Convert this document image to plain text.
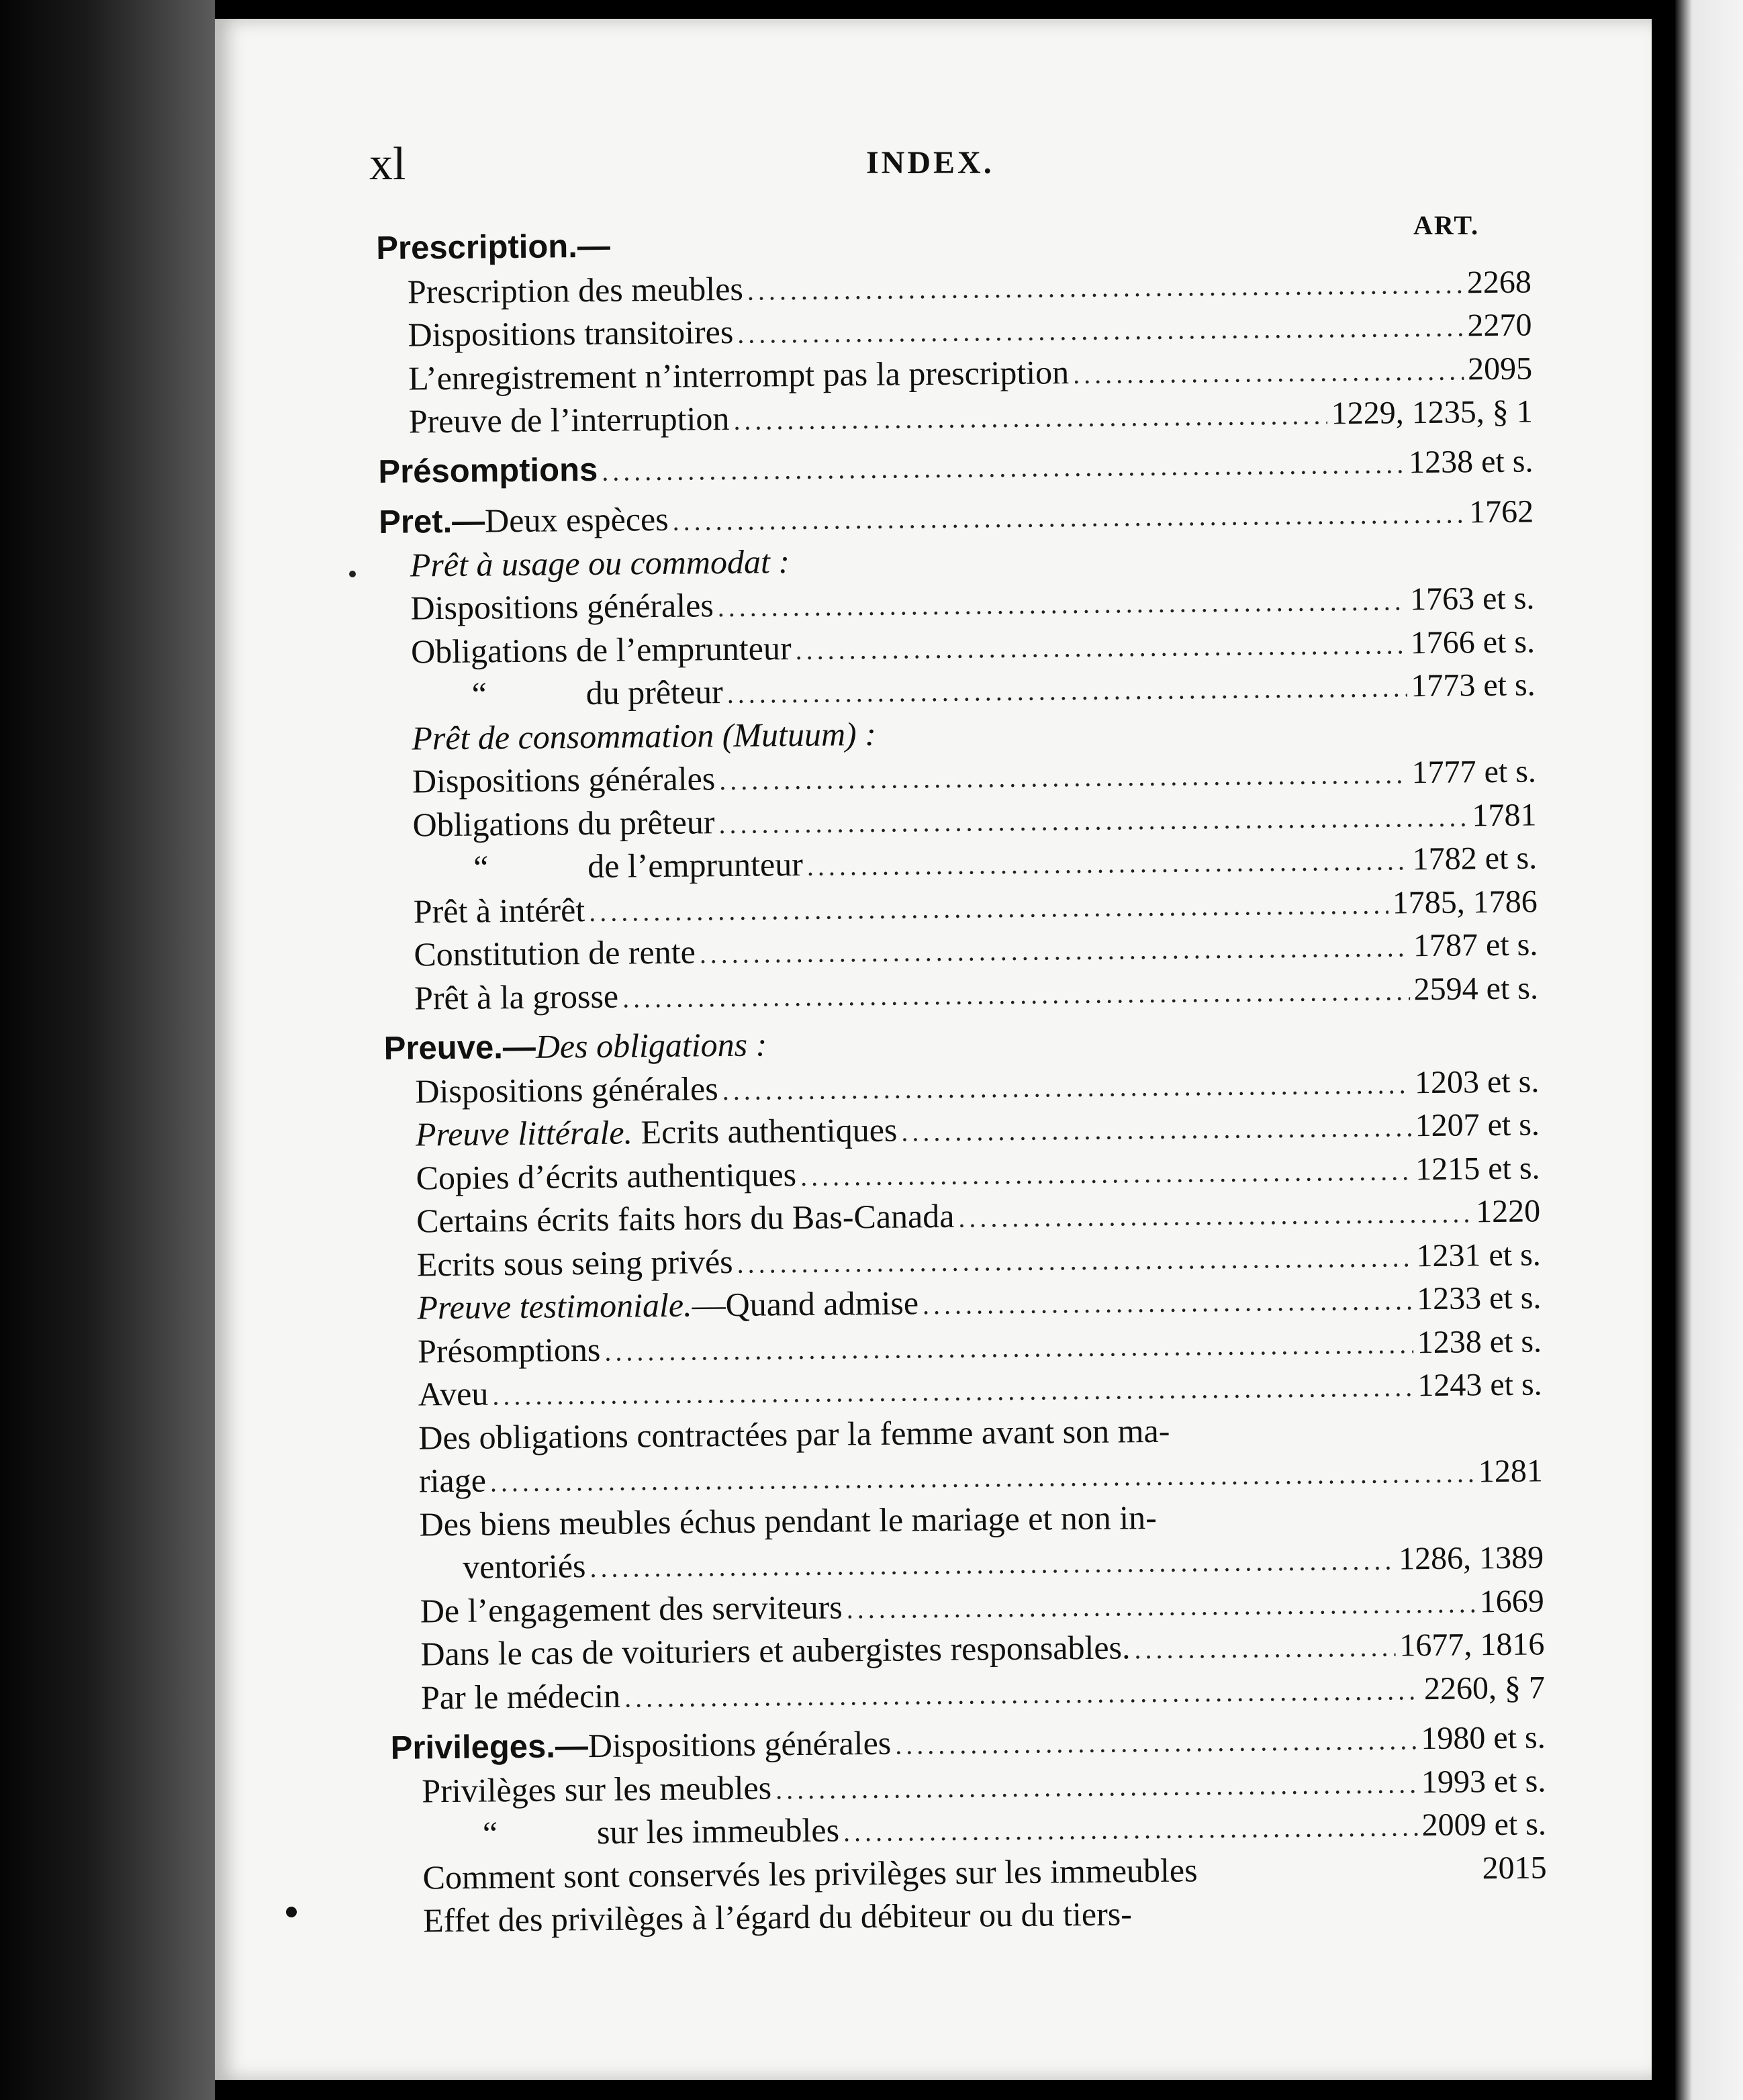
xl	INDEX.
ART.
Prescription.—
Prescription des meubles .....	2268
Dispositions transitoires .....	2270
L’enregistrement n’interrompt pas la prescription .....	2095
Preuve de l’interruption .....	1229, 1235, § 1
Présomptions .....	1238 et s.
Pret.—Deux espèces .....	1762
Prêt à usage ou commodat :
Dispositions générales .....	1763 et s.
Obligations de l’emprunteur .....	1766 et s.
“	du prêteur .....	1773 et s.
Prêt de consommation (Mutuum) :
Dispositions générales .....	1777 et s.
Obligations du prêteur .....	1781
“	de l’emprunteur .....	1782 et s.
Prêt à intérêt .....	1785, 1786
Constitution de rente .....	1787 et s.
Prêt à la grosse .....	2594 et s.
Preuve.—Des obligations :
Dispositions générales .....	1203 et s.
Preuve littérale. Ecrits authentiques .....	1207 et s.
Copies d’écrits authentiques .....	1215 et s.
Certains écrits faits hors du Bas-Canada .....	1220
Ecrits sous seing privés .....	1231 et s.
Preuve testimoniale.—Quand admise .....	1233 et s.
Présomptions .....	1238 et s.
Aveu .....	1243 et s.
Des obligations contractées par la femme avant son ma-
riage .....	1281
Des biens meubles échus pendant le mariage et non in-
ventoriés .....	1286, 1389
De l’engagement des serviteurs .....	1669
Dans le cas de voituriers et aubergistes responsables. .....	1677, 1816
Par le médecin .....	2260, § 7
Privileges.—Dispositions générales .....	1980 et s.
Privilèges sur les meubles .....	1993 et s.
“	sur les immeubles .....	2009 et s.
Comment sont conservés les privilèges sur les immeubles	2015
Effet des privilèges à l’égard du débiteur ou du tiers-
